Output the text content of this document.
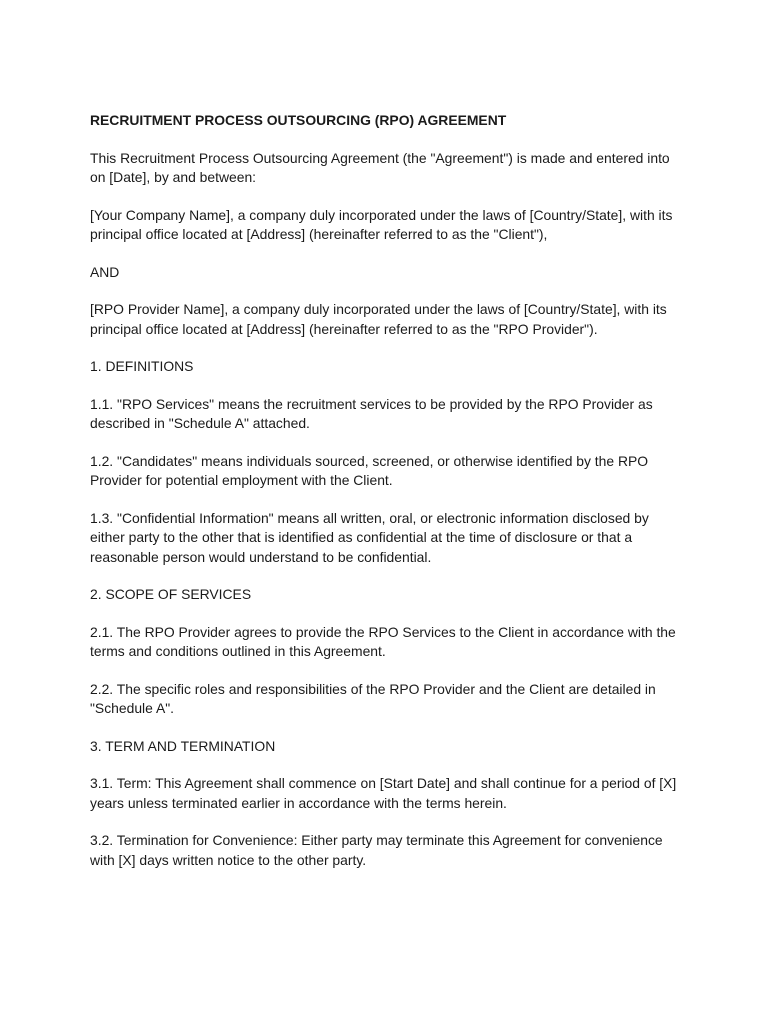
RECRUITMENT PROCESS OUTSOURCING (RPO) AGREEMENT
This Recruitment Process Outsourcing Agreement (the "Agreement") is made and entered into on [Date], by and between:
[Your Company Name], a company duly incorporated under the laws of [Country/State], with its principal office located at [Address] (hereinafter referred to as the "Client"),
AND
[RPO Provider Name], a company duly incorporated under the laws of [Country/State], with its principal office located at [Address] (hereinafter referred to as the "RPO Provider").
1. DEFINITIONS
1.1. "RPO Services" means the recruitment services to be provided by the RPO Provider as described in "Schedule A" attached.
1.2. "Candidates" means individuals sourced, screened, or otherwise identified by the RPO Provider for potential employment with the Client.
1.3. "Confidential Information" means all written, oral, or electronic information disclosed by either party to the other that is identified as confidential at the time of disclosure or that a reasonable person would understand to be confidential.
2. SCOPE OF SERVICES
2.1. The RPO Provider agrees to provide the RPO Services to the Client in accordance with the terms and conditions outlined in this Agreement.
2.2. The specific roles and responsibilities of the RPO Provider and the Client are detailed in "Schedule A".
3. TERM AND TERMINATION
3.1. Term: This Agreement shall commence on [Start Date] and shall continue for a period of [X] years unless terminated earlier in accordance with the terms herein.
3.2. Termination for Convenience: Either party may terminate this Agreement for convenience with [X] days written notice to the other party.
